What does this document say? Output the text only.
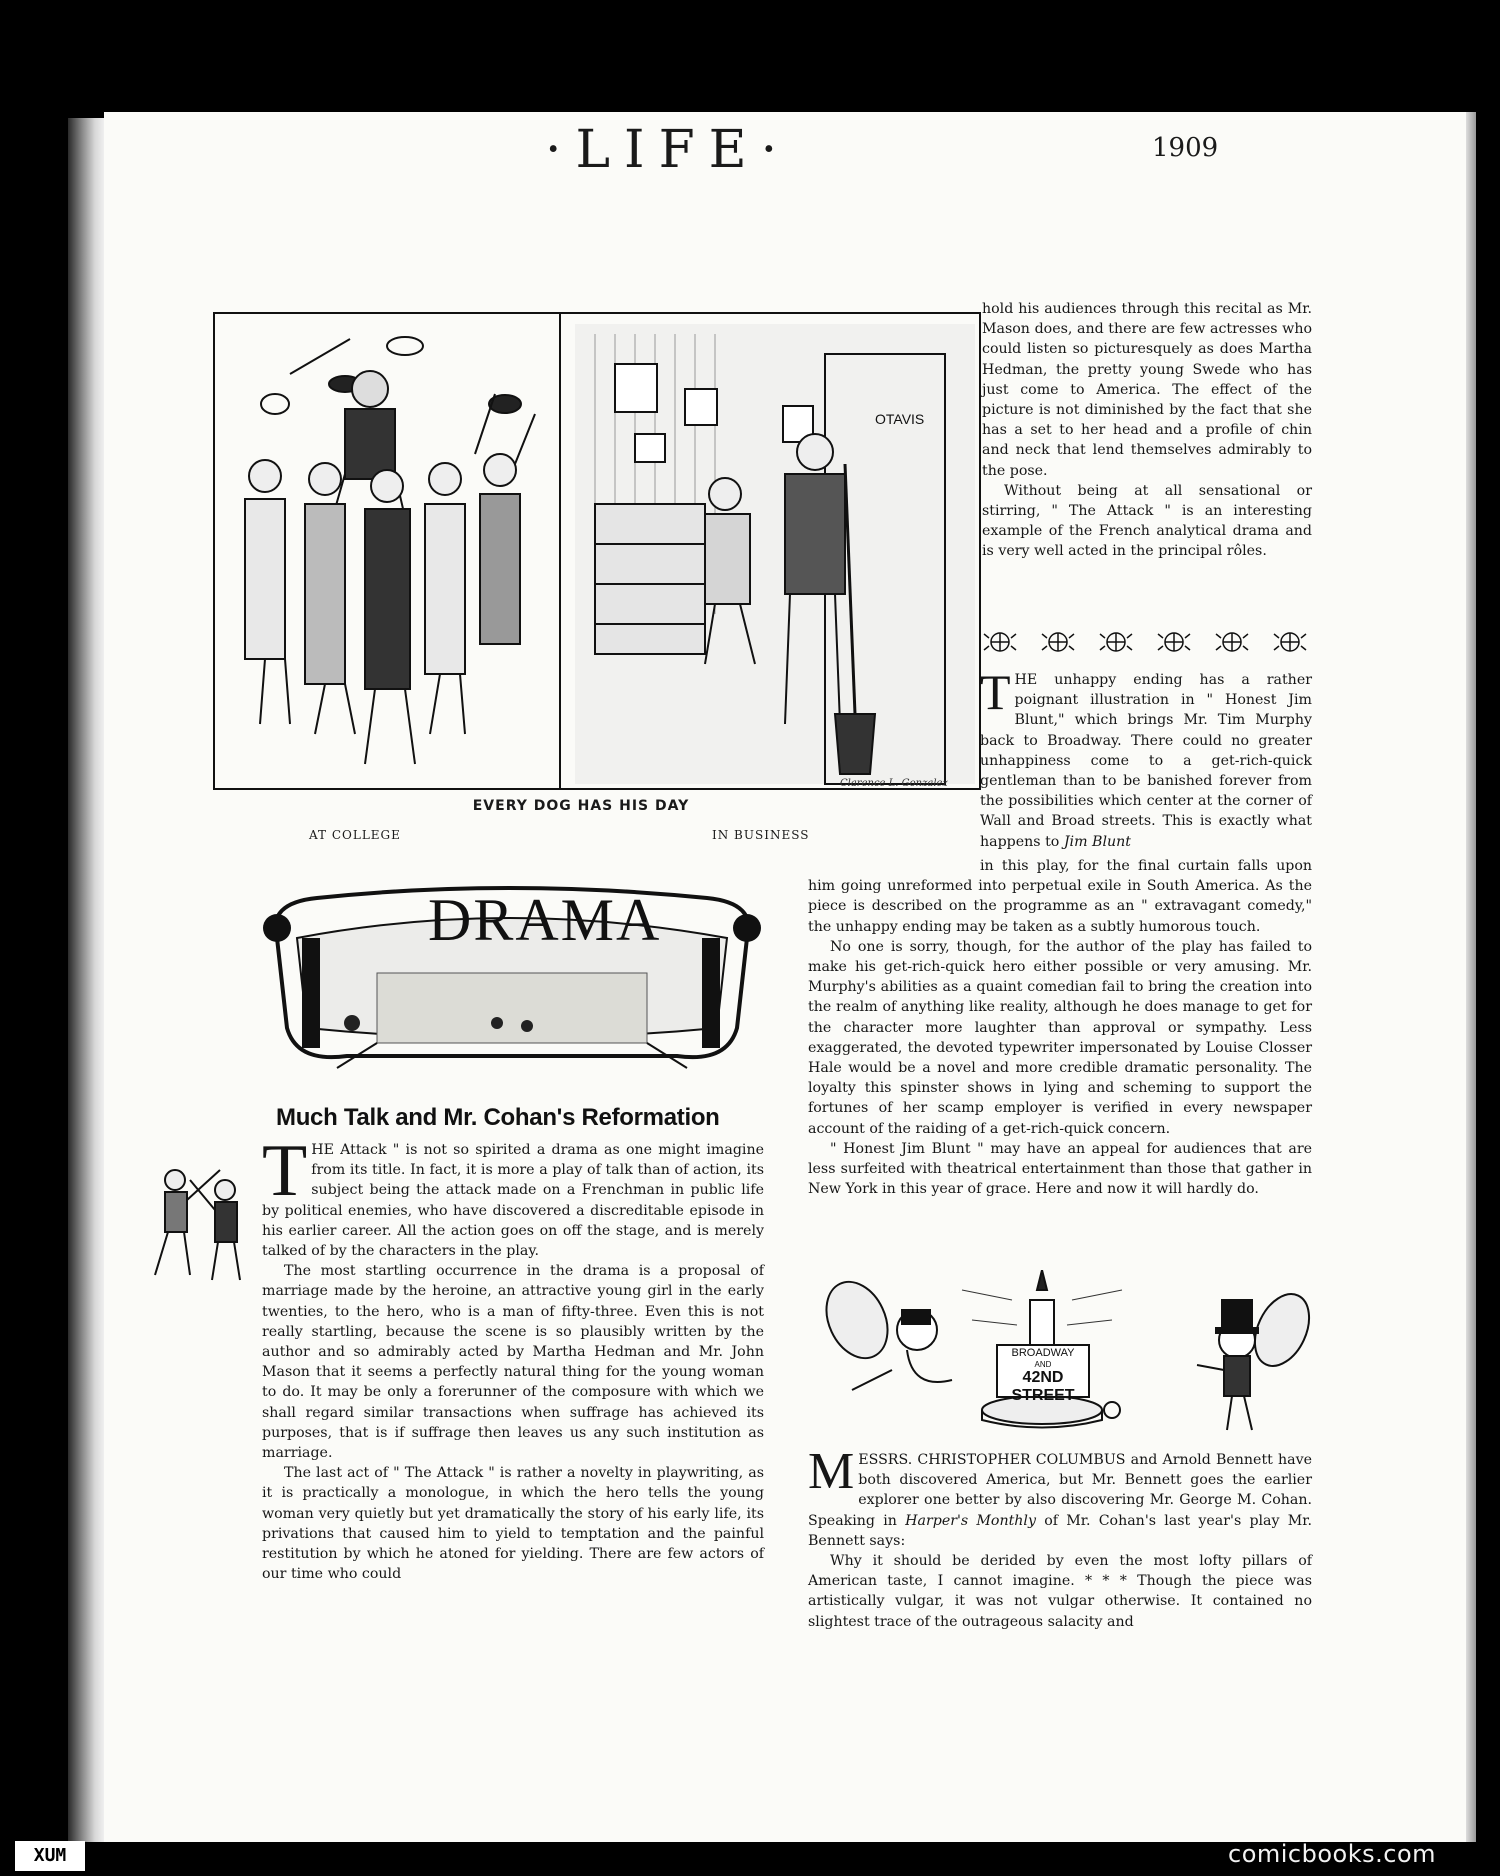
·LIFE·	1909
OTAVIS
EVERY DOG HAS HIS DAY
AT COLLEGE	IN BUSINESS
Clarence L. Gonzalez
DRAMA
Much Talk and Mr. Cohan's Reformation

THE Attack " is not so spirited a drama as one might imagine from its title. In fact, it is more a play of talk than of action, its subject being the attack made on a Frenchman in public life by political enemies, who have discovered a discreditable episode in his earlier career. All the action goes on off the stage, and is merely talked of by the characters in the play.

The most startling occurrence in the drama is a proposal of marriage made by the heroine, an attractive young girl in the early twenties, to the hero, who is a man of fifty-three. Even this is not really startling, because the scene is so plausibly written by the author and so admirably acted by Martha Hedman and Mr. John Mason that it seems a perfectly natural thing for the young woman to do. It may be only a forerunner of the composure with which we shall regard similar transactions when suffrage has achieved its purposes, that is if suffrage then leaves us any such institution as marriage.

The last act of " The Attack " is rather a novelty in playwriting, as it is practically a monologue, in which the hero tells the young woman very quietly but yet dramatically the story of his early life, its privations that caused him to yield to temptation and the painful restitution by which he atoned for yielding. There are few actors of our time who could

hold his audiences through this recital as Mr. Mason does, and there are few actresses who could listen so picturesquely as does Martha Hedman, the pretty young Swede who has just come to America. The effect of the picture is not diminished by the fact that she has a set to her head and a profile of chin and neck that lend themselves admirably to the pose.

Without being at all sensational or stirring, " The Attack " is an interesting example of the French analytical drama and is very well acted in the principal rôles.

THE unhappy ending has a rather poignant illustration in " Honest Jim Blunt," which brings Mr. Tim Murphy back to Broadway. There could no greater unhappiness come to a get-rich-quick gentleman than to be banished forever from the possibilities which center at the corner of Wall and Broad streets. This is exactly what happens to Jim Blunt

in this play, for the final curtain falls upon him going unreformed into perpetual exile in South America. As the piece is described on the programme as an " extravagant comedy," the unhappy ending may be taken as a subtly humorous touch.

No one is sorry, though, for the author of the play has failed to make his get-rich-quick hero either possible or very amusing. Mr. Murphy's abilities as a quaint comedian fail to bring the creation into the realm of anything like reality, although he does manage to get for the character more laughter than approval or sympathy. Less exaggerated, the devoted typewriter impersonated by Louise Closser Hale would be a novel and more credible dramatic personality. The loyalty this spinster shows in lying and scheming to support the fortunes of her scamp employer is verified in every newspaper account of the raiding of a get-rich-quick concern.

" Honest Jim Blunt " may have an appeal for audiences that are less surfeited with theatrical entertainment than those that gather in New York in this year of grace. Here and now it will hardly do.

BROADWAY
AND
42ND STREET

MESSRS. CHRISTOPHER COLUMBUS and Arnold Bennett have both discovered America, but Mr. Bennett goes the earlier explorer one better by also discovering Mr. George M. Cohan. Speaking in Harper's Monthly of Mr. Cohan's last year's play Mr. Bennett says:

Why it should be derided by even the most lofty pillars of American taste, I cannot imagine. * * * Though the piece was artistically vulgar, it was not vulgar otherwise. It contained no slightest trace of the outrageous salacity and

XUM	comicbooks.com
